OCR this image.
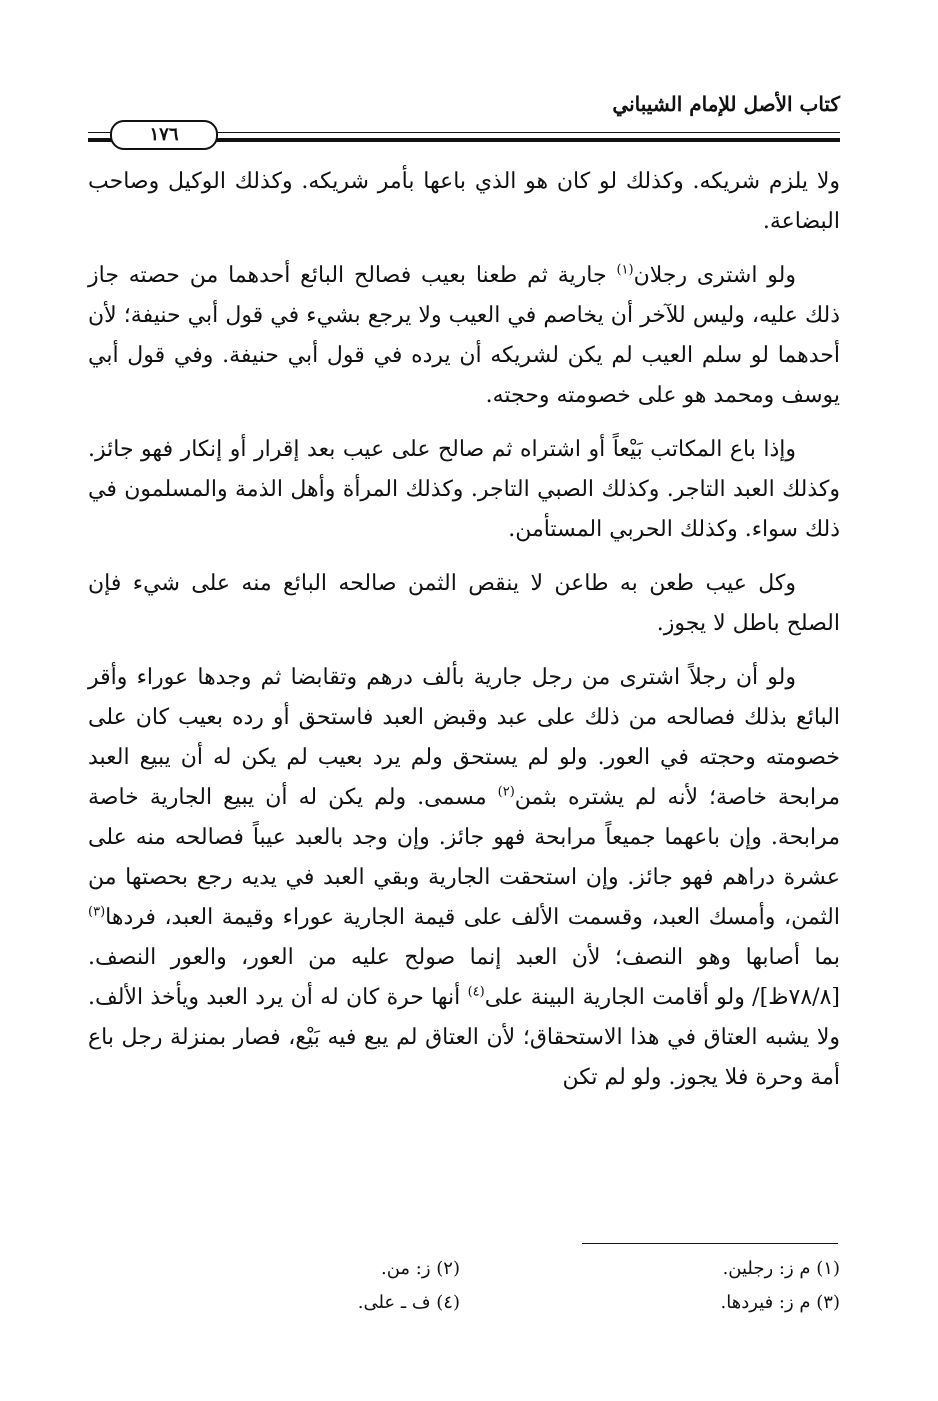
كتاب الأصل للإمام الشيباني
١٧٦

ولا يلزم شريكه. وكذلك لو كان هو الذي باعها بأمر شريكه. وكذلك الوكيل وصاحب البضاعة.

ولو اشترى رجلان$^{(١)}$ جارية ثم طعنا بعيب فصالح البائع أحدهما من حصته جاز ذلك عليه، وليس للآخر أن يخاصم في العيب ولا يرجع بشيء في قول أبي حنيفة؛ لأن أحدهما لو سلم العيب لم يكن لشريكه أن يرده في قول أبي حنيفة. وفي قول أبي يوسف ومحمد هو على خصومته وحجته.

وإذا باع المكاتب بَيْعاً أو اشتراه ثم صالح على عيب بعد إقرار أو إنكار فهو جائز. وكذلك العبد التاجر. وكذلك الصبي التاجر. وكذلك المرأة وأهل الذمة والمسلمون في ذلك سواء. وكذلك الحربي المستأمن.

وكل عيب طعن به طاعن لا ينقص الثمن صالحه البائع منه على شيء فإن الصلح باطل لا يجوز.

ولو أن رجلاً اشترى من رجل جارية بألف درهم وتقابضا ثم وجدها عوراء وأقر البائع بذلك فصالحه من ذلك على عبد وقبض العبد فاستحق أو رده بعيب كان على خصومته وحجته في العور. ولو لم يستحق ولم يرد بعيب لم يكن له أن يبيع العبد مرابحة خاصة؛ لأنه لم يشتره بثمن$^{(٢)}$ مسمى. ولم يكن له أن يبيع الجارية خاصة مرابحة. وإن باعهما جميعاً مرابحة فهو جائز. وإن وجد بالعبد عيباً فصالحه منه على عشرة دراهم فهو جائز. وإن استحقت الجارية وبقي العبد في يديه رجع بحصتها من الثمن، وأمسك العبد، وقسمت الألف على قيمة الجارية عوراء وقيمة العبد، فردها$^{(٣)}$ بما أصابها وهو النصف؛ لأن العبد إنما صولح عليه من العور، والعور النصف. [٧٨/٨ظ]/ ولو أقامت الجارية البينة على$^{(٤)}$ أنها حرة كان له أن يرد العبد ويأخذ الألف. ولا يشبه العتاق في هذا الاستحقاق؛ لأن العتاق لم يبع فيه بَيْع، فصار بمنزلة رجل باع أمة وحرة فلا يجوز. ولو لم تكن

(١) م ز: رجلين.
(٢) ز: من.
(٣) م ز: فيردها.
(٤) ف ـ على.
